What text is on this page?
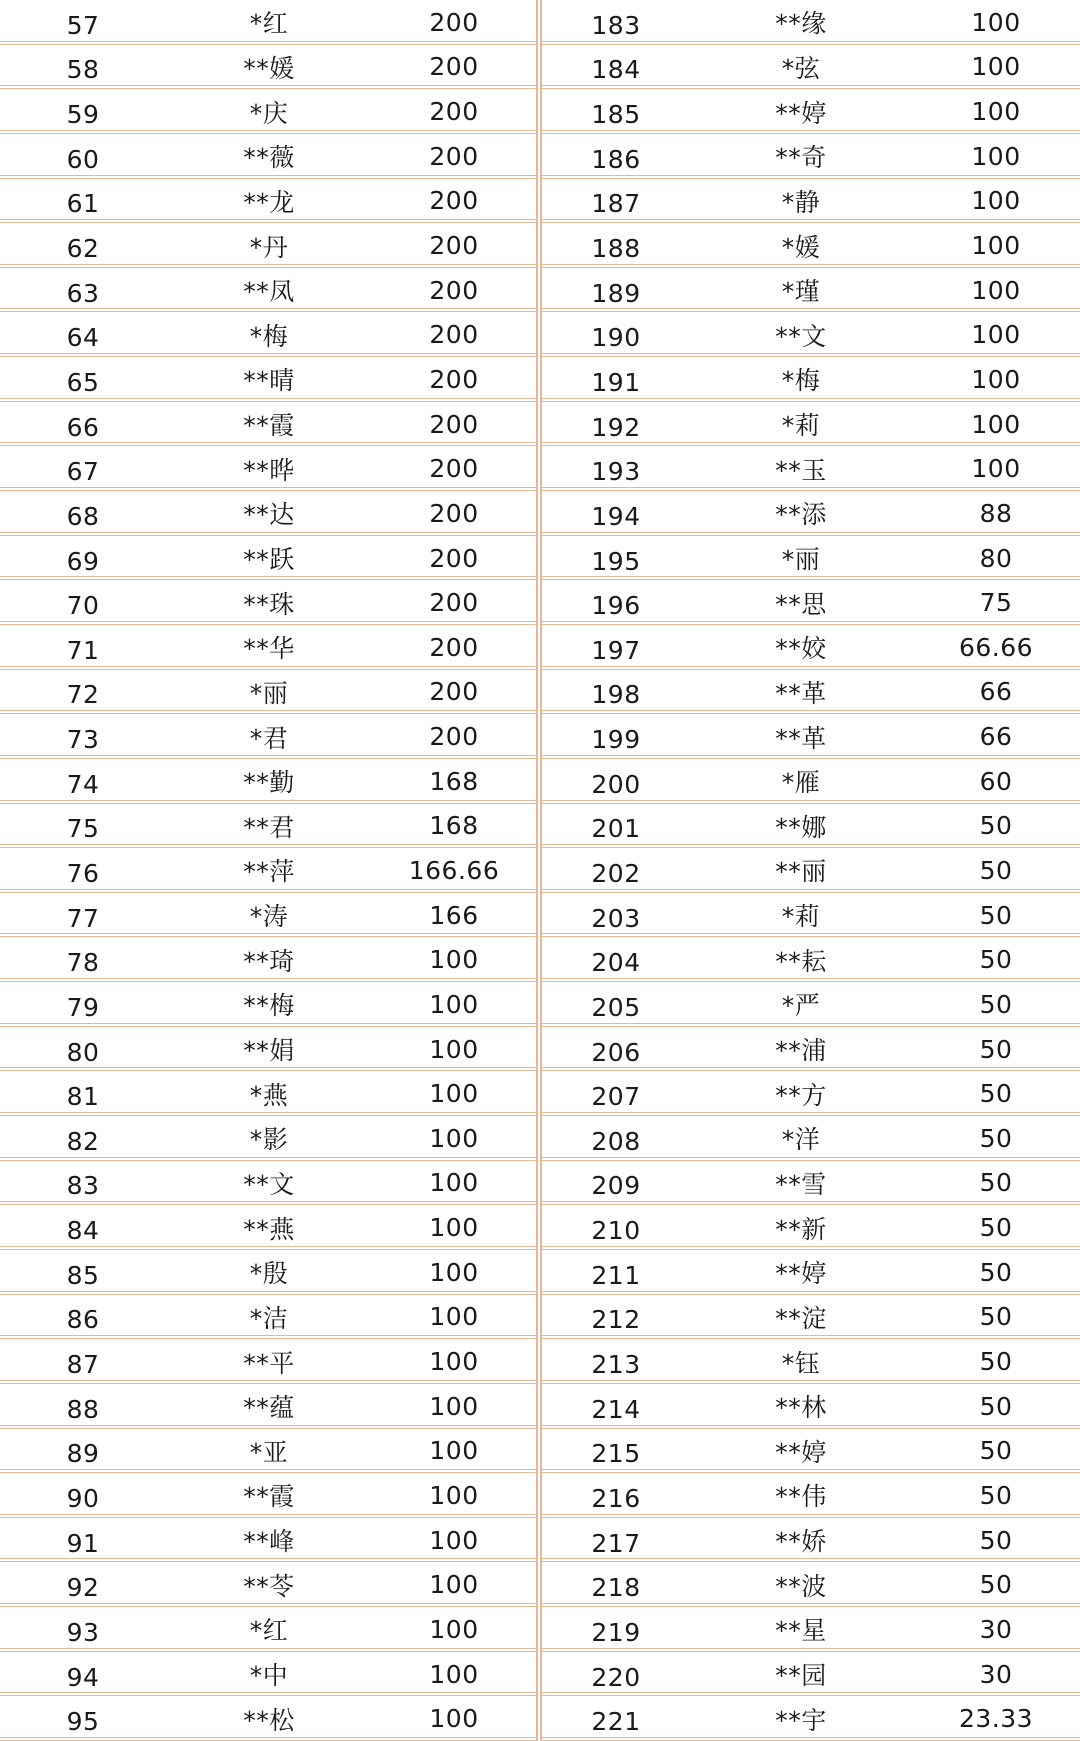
57	*红	200
58	**媛	200
59	*庆	200
60	**薇	200
61	**龙	200
62	*丹	200
63	**凤	200
64	*梅	200
65	**晴	200
66	**霞	200
67	**晔	200
68	**达	200
69	**跃	200
70	**珠	200
71	**华	200
72	*丽	200
73	*君	200
74	**勤	168
75	**君	168
76	**萍	166.66
77	*涛	166
78	**琦	100
79	**梅	100
80	**娟	100
81	*燕	100
82	*影	100
83	**文	100
84	**燕	100
85	*殷	100
86	*洁	100
87	**平	100
88	**蕴	100
89	*亚	100
90	**霞	100
91	**峰	100
92	**苓	100
93	*红	100
94	*中	100
95	**松	100
183	**缘	100
184	*弦	100
185	**婷	100
186	**奇	100
187	*静	100
188	*媛	100
189	*瑾	100
190	**文	100
191	*梅	100
192	*莉	100
193	**玉	100
194	**添	88
195	*丽	80
196	**思	75
197	**姣	66.66
198	**革	66
199	**革	66
200	*雁	60
201	**娜	50
202	**丽	50
203	*莉	50
204	**耘	50
205	*严	50
206	**浦	50
207	**方	50
208	*洋	50
209	**雪	50
210	**新	50
211	**婷	50
212	**淀	50
213	*钰	50
214	**林	50
215	**婷	50
216	**伟	50
217	**娇	50
218	**波	50
219	**星	30
220	**园	30
221	**宇	23.33
